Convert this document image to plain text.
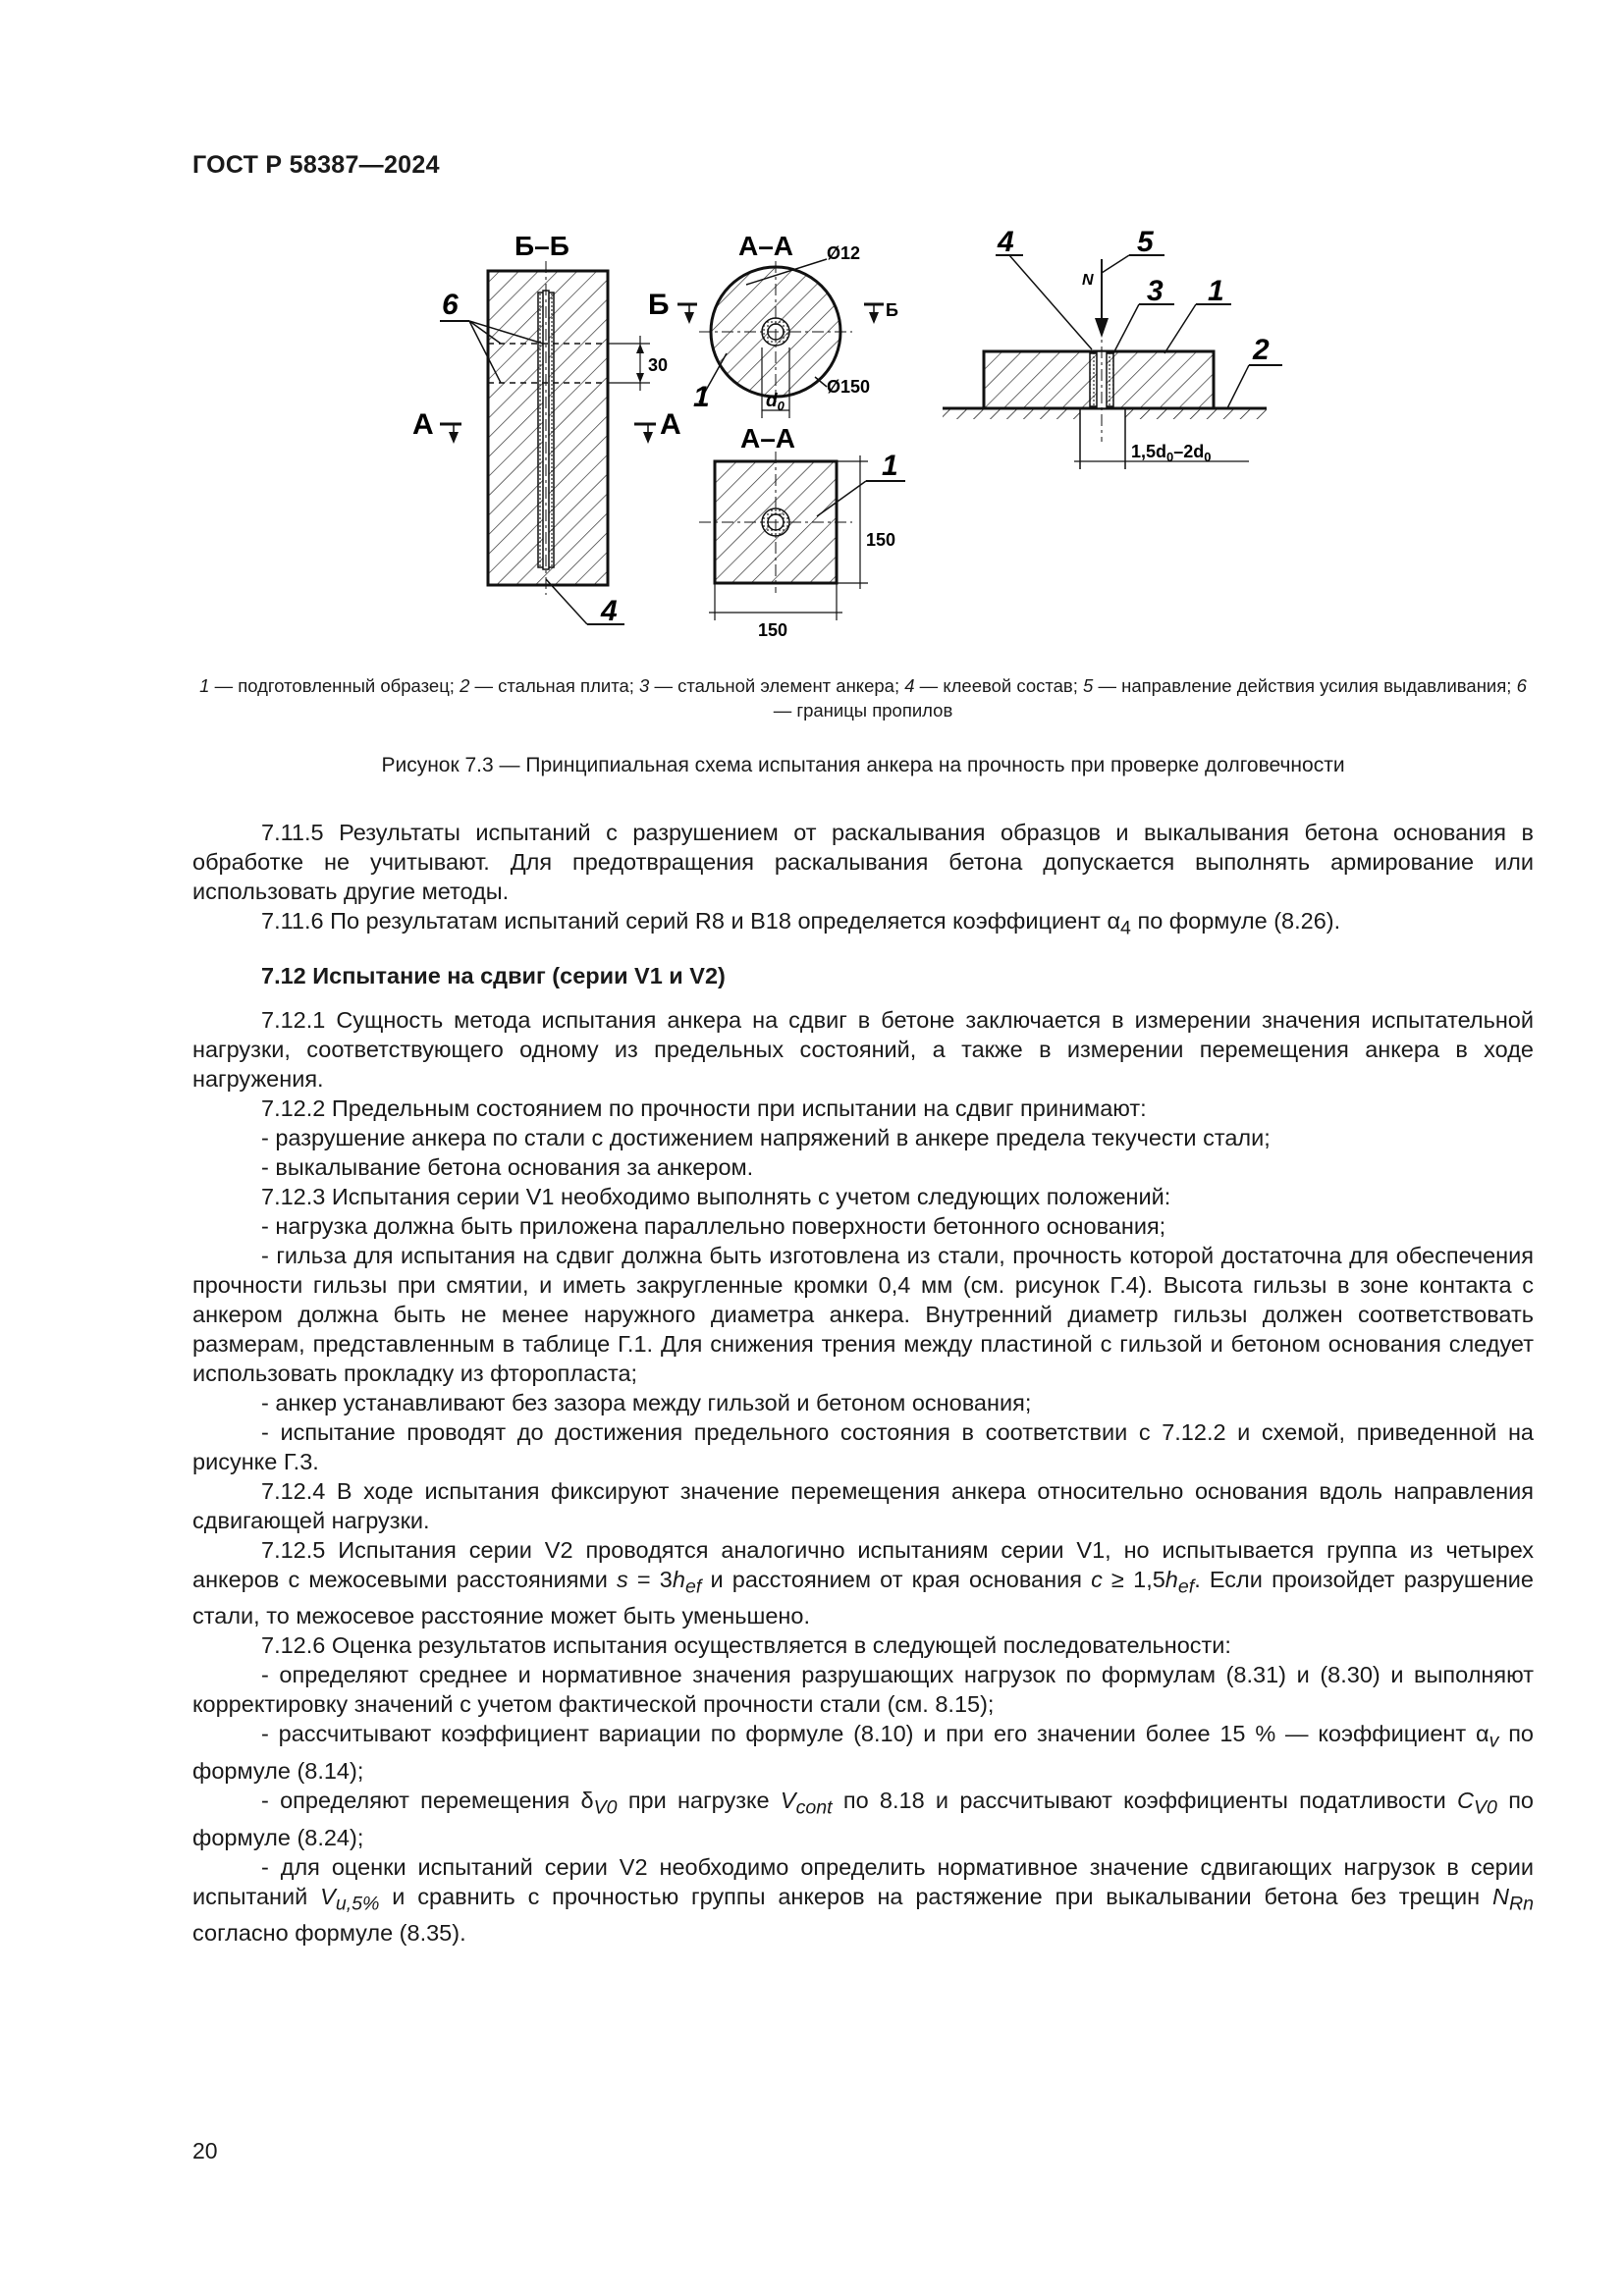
ГОСТ Р 58387—2024
30
Б–Б
6
А	А
4
А–А Ø12
Ø150
$d_0$
1
Б	Б
А–А
150
150
1	$1,5d_0-2d_0$
N
5
4
3 1
2
1 — подготовленный образец; 2 — стальная плита; 3 — стальной элемент анкера; 4 — клеевой состав; 5 — направление действия усилия выдавливания; 6 — границы пропилов
Рисунок 7.3 — Принципиальная схема испытания анкера на прочность при проверке долговечности

7.11.5 Результаты испытаний с разрушением от раскалывания образцов и выкалывания бетона основания в обработке не учитывают. Для предотвращения раскалывания бетона допускается выполнять армирование или использовать другие методы.

7.11.6 По результатам испытаний серий R8 и B18 определяется коэффициент $\alpha_4$ по формуле (8.26).

7.12 Испытание на сдвиг (серии V1 и V2)

7.12.1 Сущность метода испытания анкера на сдвиг в бетоне заключается в измерении значения испытательной нагрузки, соответствующего одному из предельных состояний, а также в измерении перемещения анкера в ходе нагружения.

7.12.2 Предельным состоянием по прочности при испытании на сдвиг принимают:

- разрушение анкера по стали с достижением напряжений в анкере предела текучести стали;

- выкалывание бетона основания за анкером.

7.12.3 Испытания серии V1 необходимо выполнять с учетом следующих положений:

- нагрузка должна быть приложена параллельно поверхности бетонного основания;

- гильза для испытания на сдвиг должна быть изготовлена из стали, прочность которой достаточна для обеспечения прочности гильзы при смятии, и иметь закругленные кромки 0,4 мм (см. рисунок Г.4). Высота гильзы в зоне контакта с анкером должна быть не менее наружного диаметра анкера. Внутренний диаметр гильзы должен соответствовать размерам, представленным в таблице Г.1. Для снижения трения между пластиной с гильзой и бетоном основания следует использовать прокладку из фторопласта;

- анкер устанавливают без зазора между гильзой и бетоном основания;

- испытание проводят до достижения предельного состояния в соответствии с 7.12.2 и схемой, приведенной на рисунке Г.3.

7.12.4 В ходе испытания фиксируют значение перемещения анкера относительно основания вдоль направления сдвигающей нагрузки.

7.12.5 Испытания серии V2 проводятся аналогично испытаниям серии V1, но испытывается группа из четырех анкеров с межосевыми расстояниями $s = 3h_{ef}$ и расстоянием от края основания $c \ge 1,5h_{ef}$. Если произойдет разрушение стали, то межосевое расстояние может быть уменьшено.

7.12.6 Оценка результатов испытания осуществляется в следующей последовательности:

- определяют среднее и нормативное значения разрушающих нагрузок по формулам (8.31) и (8.30) и выполняют корректировку значений с учетом фактической прочности стали (см. 8.15);

- рассчитывают коэффициент вариации по формуле (8.10) и при его значении более 15 % — коэффициент $\alpha_v$ по формуле (8.14);

- определяют перемещения $\delta_{V0}$ при нагрузке $V_{cont}$ по 8.18 и рассчитывают коэффициенты податливости $C_{V0}$ по формуле (8.24);

- для оценки испытаний серии V2 необходимо определить нормативное значение сдвигающих нагрузок в серии испытаний $V_{u,5\%}$ и сравнить с прочностью группы анкеров на растяжение при выкалывании бетона без трещин $N_{Rn}$ согласно формуле (8.35).

20
